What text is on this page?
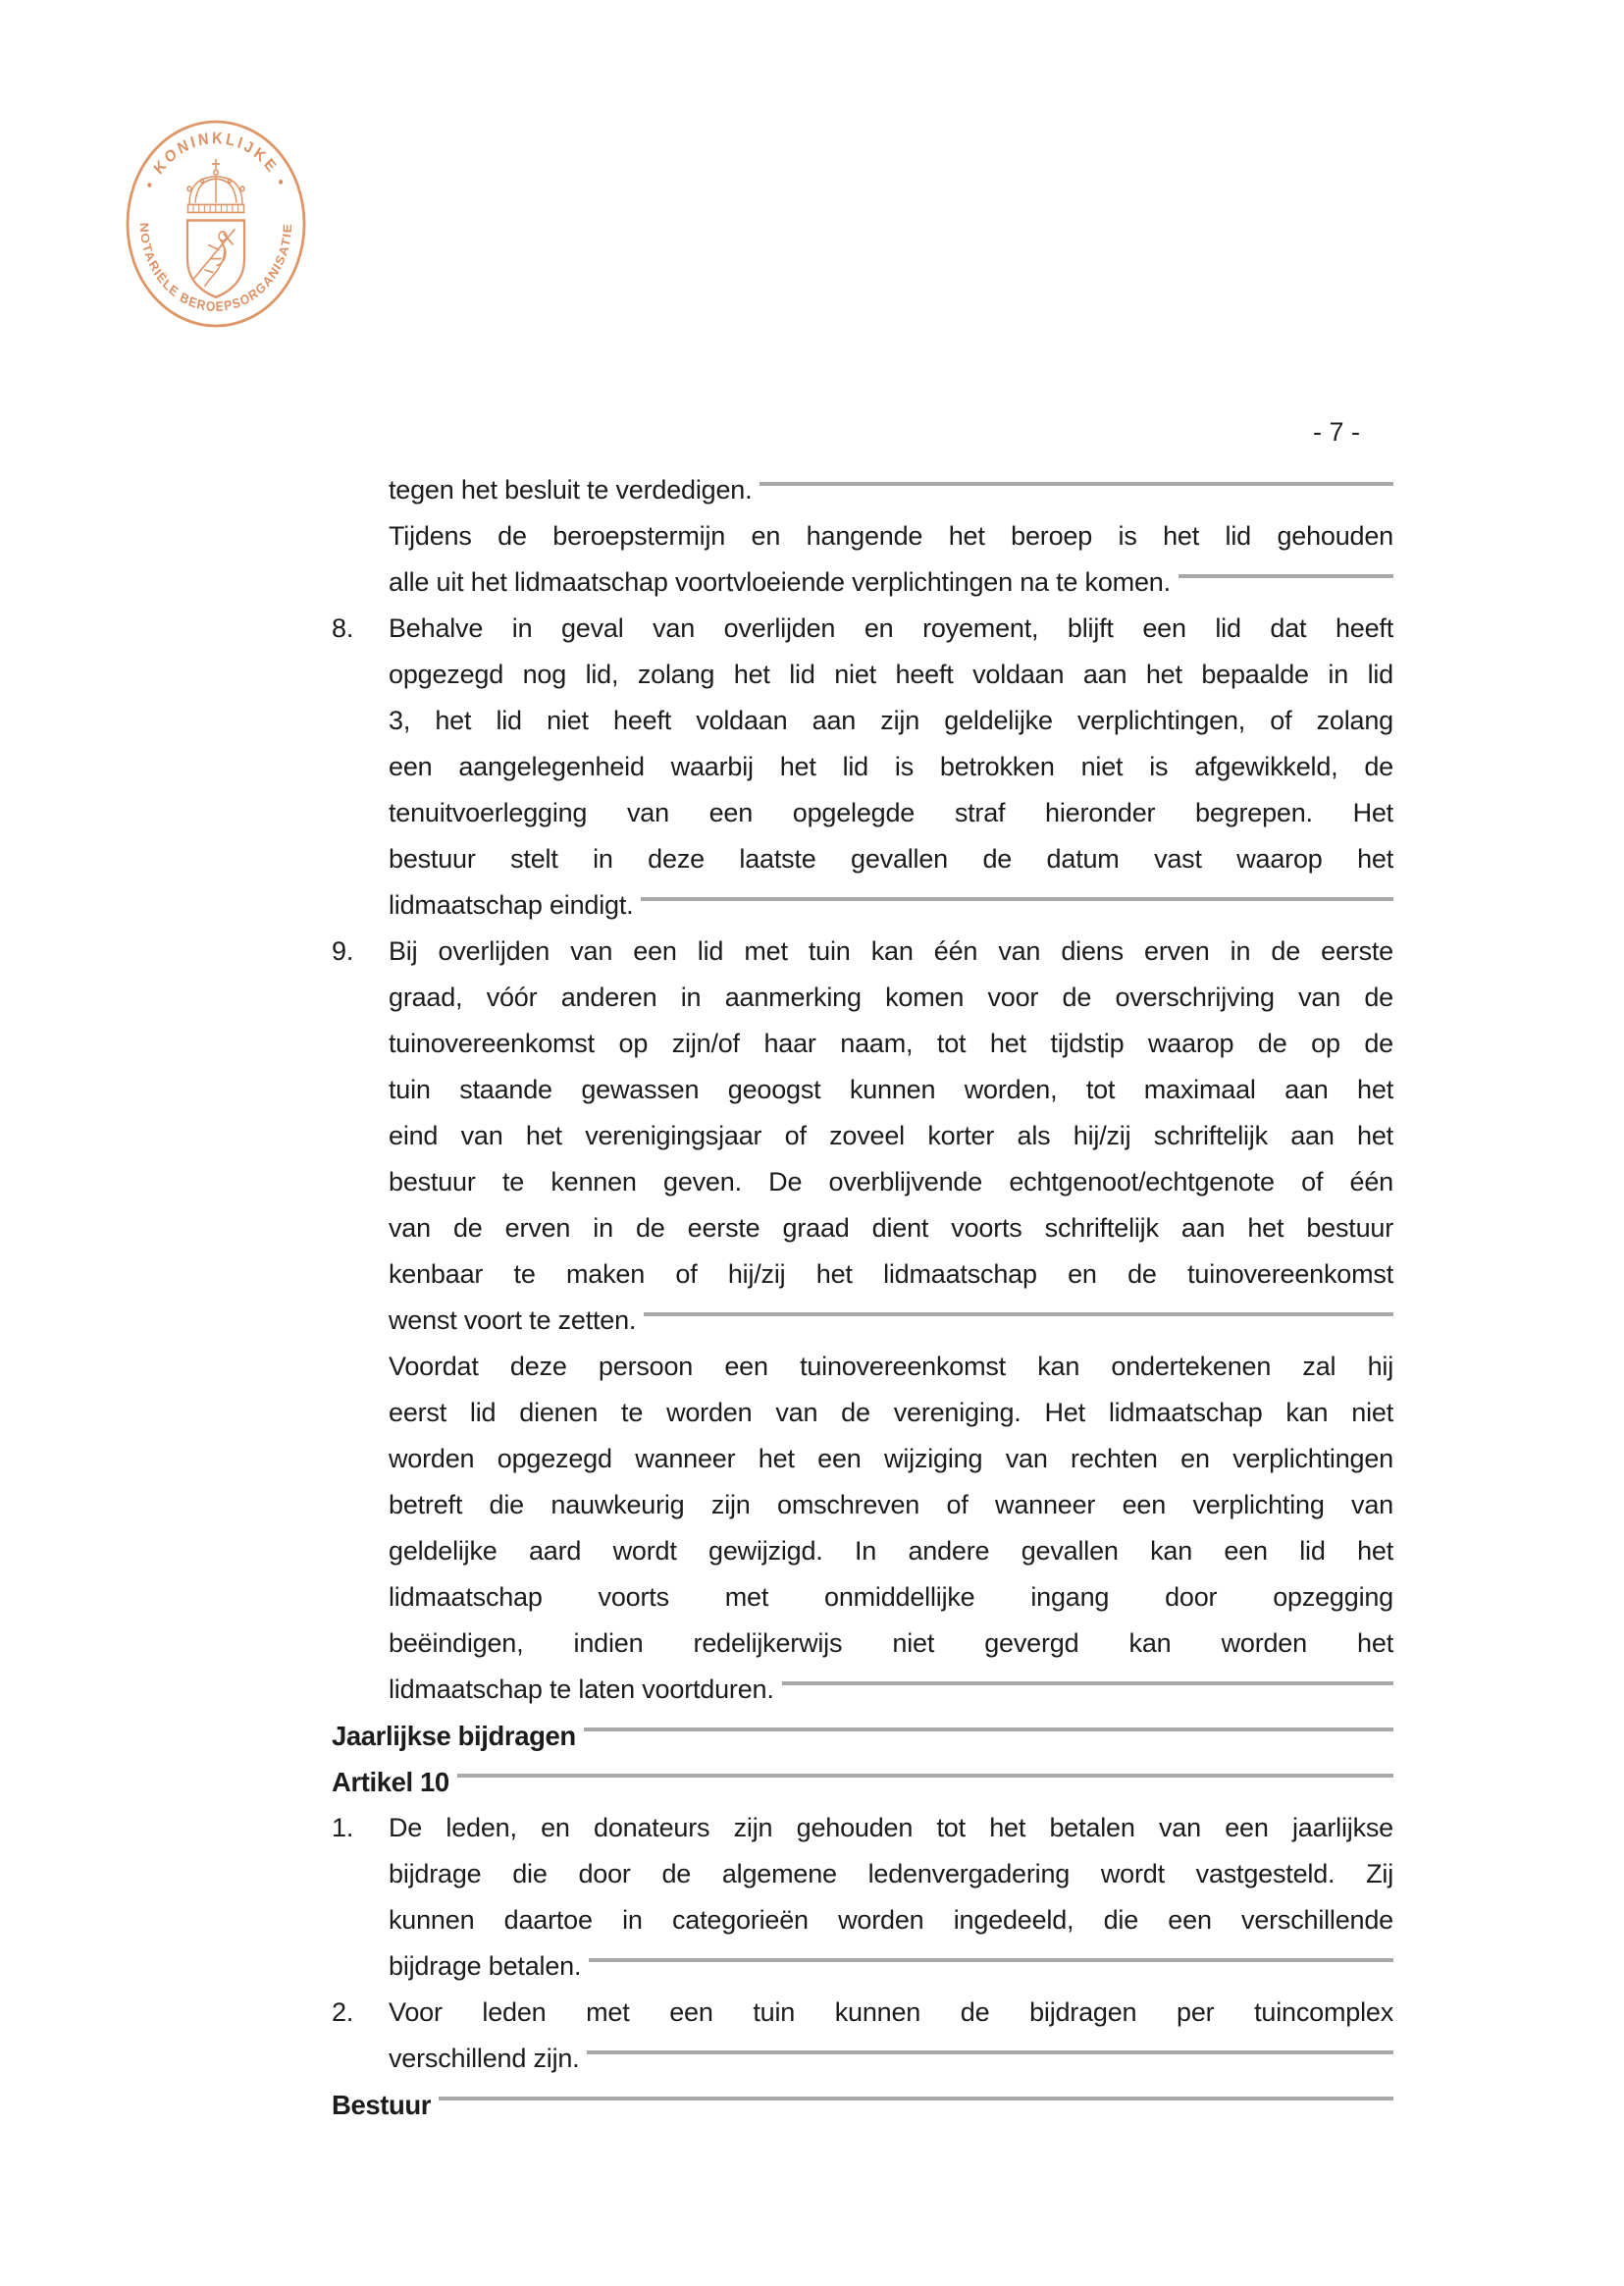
• KONINKLIJKE •
NOTARIËLE BEROEPSORGANISATIE
- 7 -
tegen het besluit te verdedigen.
Tijdens de beroepstermijn en hangende het beroep is het lid gehouden
alle uit het lidmaatschap voortvloeiende verplichtingen na te komen.
8.	Behalve in geval van overlijden en royement, blijft een lid dat heeft
opgezegd nog lid, zolang het lid niet heeft voldaan aan het bepaalde in lid
3, het lid niet heeft voldaan aan zijn geldelijke verplichtingen, of zolang
een aangelegenheid waarbij het lid is betrokken niet is afgewikkeld, de
tenuitvoerlegging van een opgelegde straf hieronder begrepen. Het
bestuur stelt in deze laatste gevallen de datum vast waarop het
lidmaatschap eindigt.
9.	Bij overlijden van een lid met tuin kan één van diens erven in de eerste
graad, vóór anderen in aanmerking komen voor de overschrijving van de
tuinovereenkomst op zijn/of haar naam, tot het tijdstip waarop de op de
tuin staande gewassen geoogst kunnen worden, tot maximaal aan het
eind van het verenigingsjaar of zoveel korter als hij/zij schriftelijk aan het
bestuur te kennen geven. De overblijvende echtgenoot/echtgenote of één
van de erven in de eerste graad dient voorts schriftelijk aan het bestuur
kenbaar te maken of hij/zij het lidmaatschap en de tuinovereenkomst
wenst voort te zetten.
Voordat deze persoon een tuinovereenkomst kan ondertekenen zal hij
eerst lid dienen te worden van de vereniging. Het lidmaatschap kan niet
worden opgezegd wanneer het een wijziging van rechten en verplichtingen
betreft die nauwkeurig zijn omschreven of wanneer een verplichting van
geldelijke aard wordt gewijzigd. In andere gevallen kan een lid het
lidmaatschap voorts met onmiddellijke ingang door opzegging
beëindigen, indien redelijkerwijs niet gevergd kan worden het
lidmaatschap te laten voortduren.
Jaarlijkse bijdragen
Artikel 10
1.	De leden, en donateurs zijn gehouden tot het betalen van een jaarlijkse
bijdrage die door de algemene ledenvergadering wordt vastgesteld. Zij
kunnen daartoe in categorieën worden ingedeeld, die een verschillende
bijdrage betalen.
2.	Voor leden met een tuin kunnen de bijdragen per tuincomplex
verschillend zijn.
Bestuur
